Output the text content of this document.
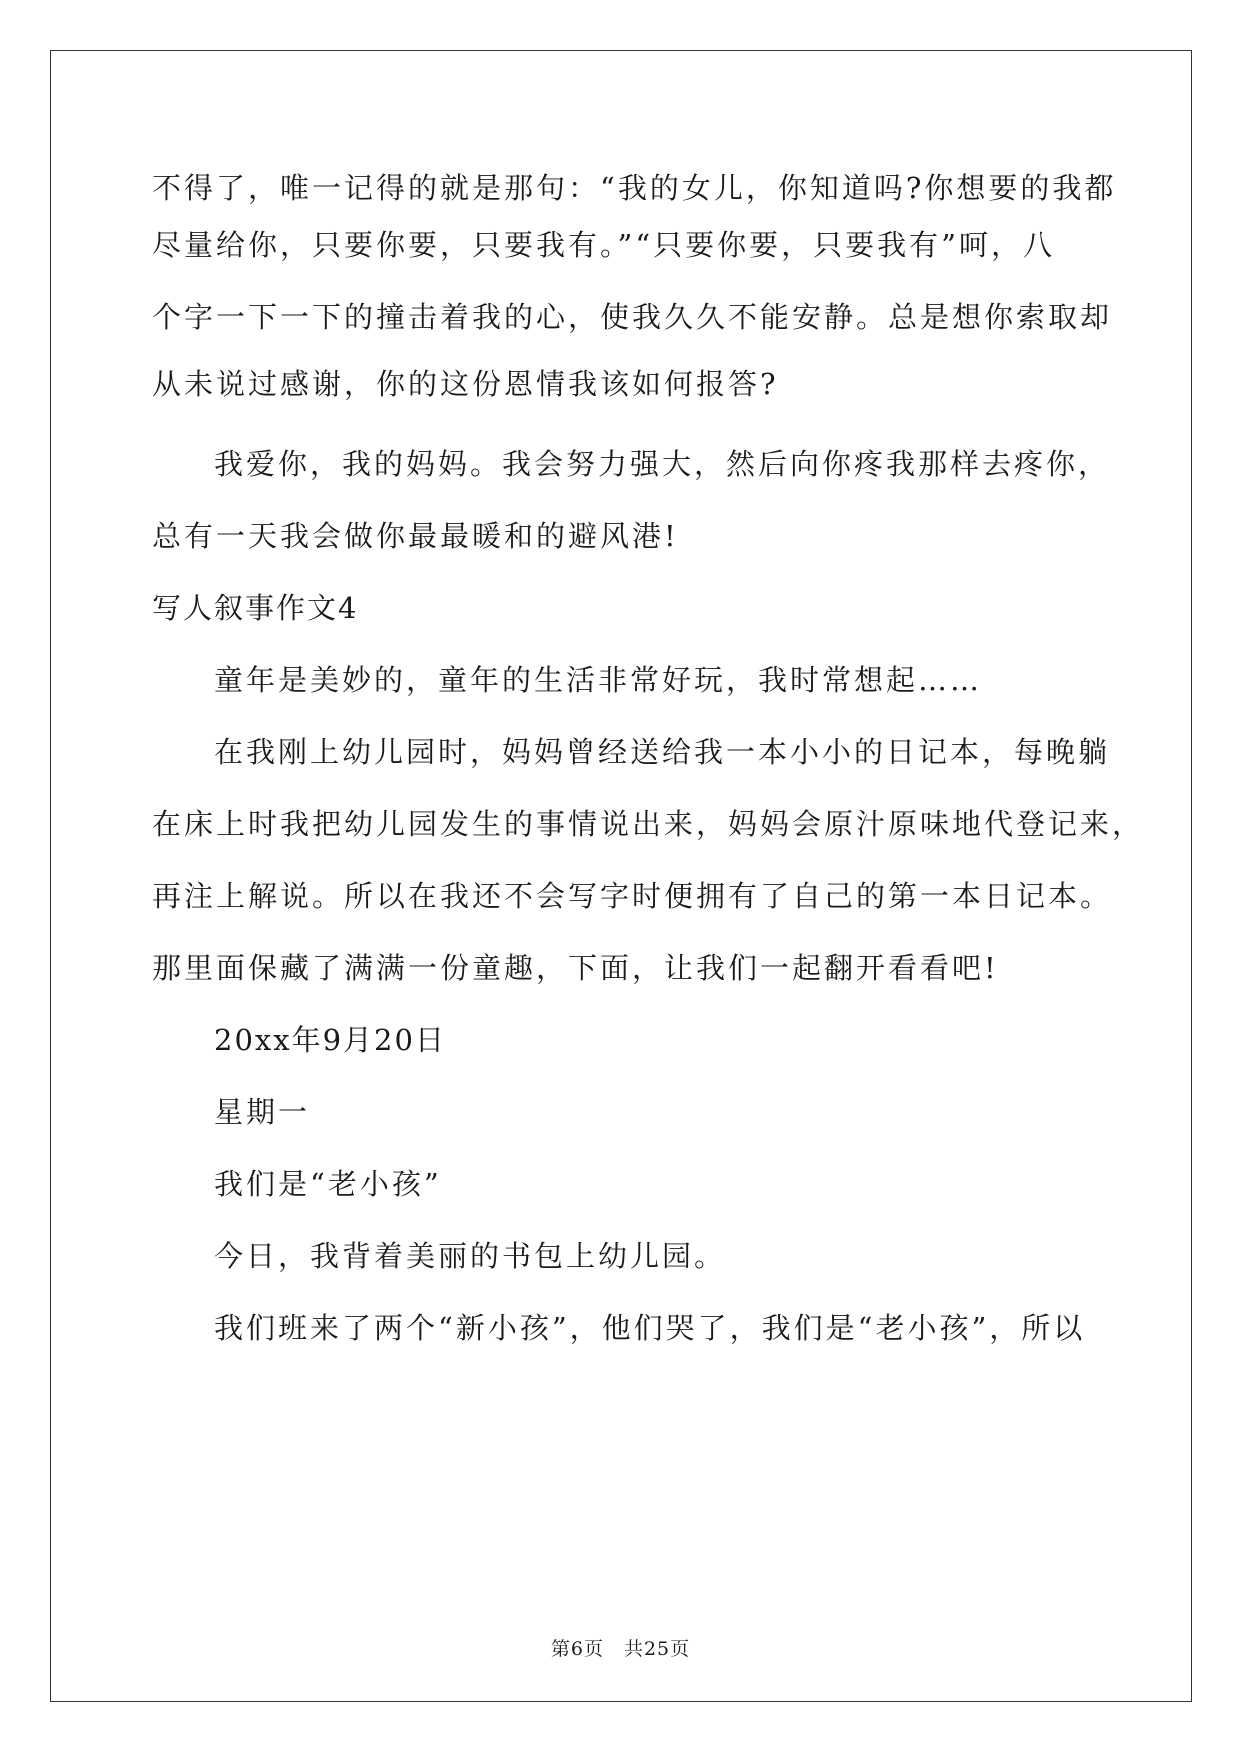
不得了，唯一记得的就是那句：“我的女儿，你知道吗?你想要的我都
尽量给你，只要你要，只要我有。”“只要你要，只要我有”呵，八
个字一下一下的撞击着我的心，使我久久不能安静。总是想你索取却
从未说过感谢，你的这份恩情我该如何报答?
我爱你，我的妈妈。我会努力强大，然后向你疼我那样去疼你，
总有一天我会做你最最暖和的避风港!
写人叙事作文4
童年是美妙的，童年的生活非常好玩，我时常想起……
在我刚上幼儿园时，妈妈曾经送给我一本小小的日记本，每晚躺
在床上时我把幼儿园发生的事情说出来，妈妈会原汁原味地代登记来，
再注上解说。所以在我还不会写字时便拥有了自己的第一本日记本。
那里面保藏了满满一份童趣，下面，让我们一起翻开看看吧!
20xx年9月20日
星期一
我们是“老小孩”
今日，我背着美丽的书包上幼儿园。
我们班来了两个“新小孩”，他们哭了，我们是“老小孩”，所以
第6页 共25页
